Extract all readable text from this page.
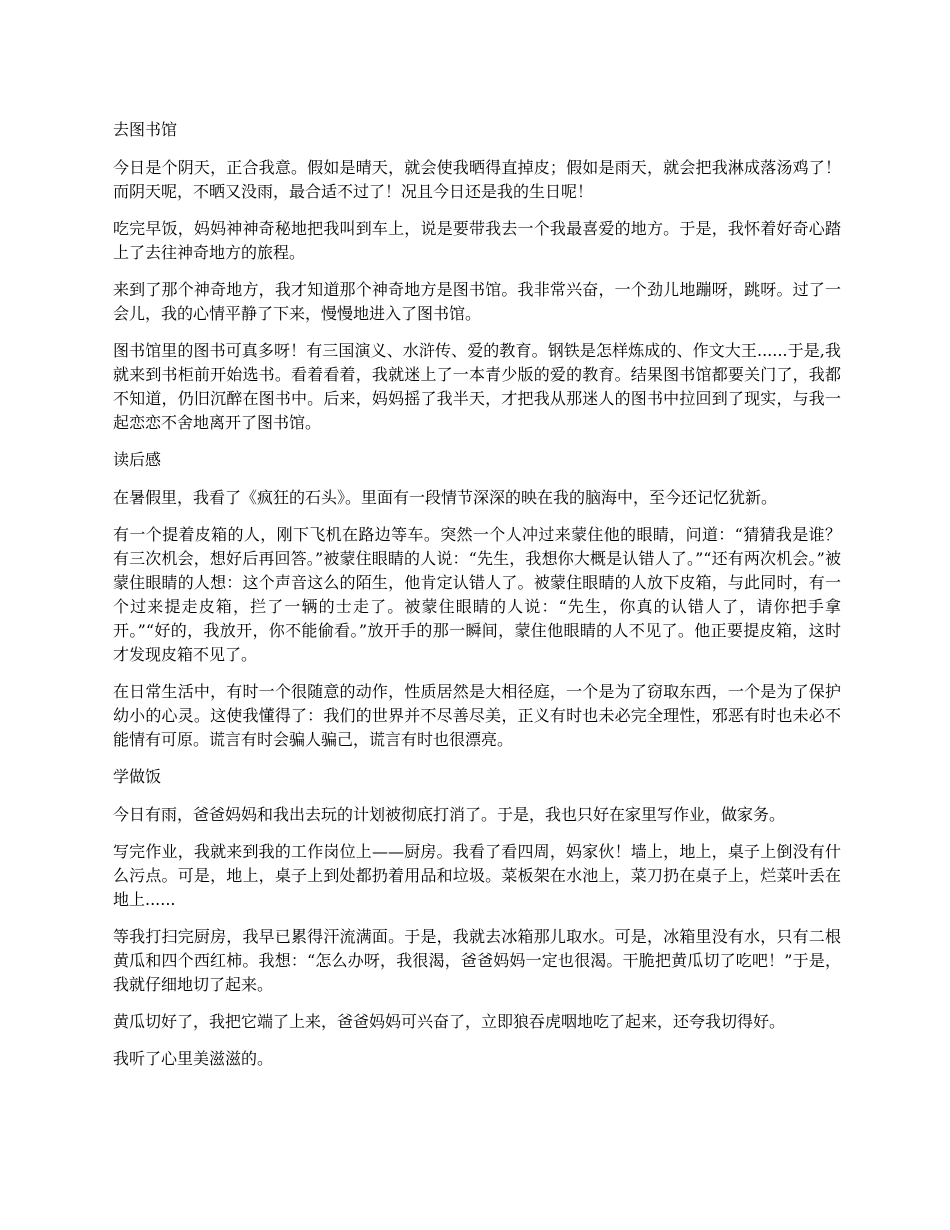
去图书馆

今日是个阴天，正合我意。假如是晴天，就会使我晒得直掉皮；假如是雨天，就会把我淋成落汤鸡了！而阴天呢，不晒又没雨，最合适不过了！况且今日还是我的生日呢！

吃完早饭，妈妈神神奇秘地把我叫到车上，说是要带我去一个我最喜爱的地方。于是，我怀着好奇心踏上了去往神奇地方的旅程。

来到了那个神奇地方，我才知道那个神奇地方是图书馆。我非常兴奋，一个劲儿地蹦呀，跳呀。过了一会儿，我的心情平静了下来，慢慢地进入了图书馆。

图书馆里的图书可真多呀！有三国演义、水浒传、爱的教育。钢铁是怎样炼成的、作文大王......于是,我就来到书柜前开始选书。看着看着，我就迷上了一本青少版的爱的教育。结果图书馆都要关门了，我都不知道，仍旧沉醉在图书中。后来，妈妈摇了我半天，才把我从那迷人的图书中拉回到了现实，与我一起恋恋不舍地离开了图书馆。

读后感

在暑假里，我看了《疯狂的石头》。里面有一段情节深深的映在我的脑海中，至今还记忆犹新。

有一个提着皮箱的人，刚下飞机在路边等车。突然一个人冲过来蒙住他的眼睛，问道：“猜猜我是谁？有三次机会，想好后再回答。”被蒙住眼睛的人说：“先生，我想你大概是认错人了。”“还有两次机会。”被蒙住眼睛的人想：这个声音这么的陌生，他肯定认错人了。被蒙住眼睛的人放下皮箱，与此同时，有一个过来提走皮箱，拦了一辆的士走了。被蒙住眼睛的人说：“先生，你真的认错人了，请你把手拿开。”“好的，我放开，你不能偷看。”放开手的那一瞬间，蒙住他眼睛的人不见了。他正要提皮箱，这时才发现皮箱不见了。

在日常生活中，有时一个很随意的动作，性质居然是大相径庭，一个是为了窃取东西，一个是为了保护幼小的心灵。这使我懂得了：我们的世界并不尽善尽美，正义有时也未必完全理性，邪恶有时也未必不能情有可原。谎言有时会骗人骗己，谎言有时也很漂亮。

学做饭

今日有雨，爸爸妈妈和我出去玩的计划被彻底打消了。于是，我也只好在家里写作业，做家务。

写完作业，我就来到我的工作岗位上——厨房。我看了看四周，妈家伙！墙上，地上，桌子上倒没有什么污点。可是，地上，桌子上到处都扔着用品和垃圾。菜板架在水池上，菜刀扔在桌子上，烂菜叶丢在地上......

等我打扫完厨房，我早已累得汗流满面。于是，我就去冰箱那儿取水。可是，冰箱里没有水，只有二根黄瓜和四个西红柿。我想：“怎么办呀，我很渴，爸爸妈妈一定也很渴。干脆把黄瓜切了吃吧！”于是，我就仔细地切了起来。

黄瓜切好了，我把它端了上来，爸爸妈妈可兴奋了，立即狼吞虎咽地吃了起来，还夸我切得好。

我听了心里美滋滋的。
